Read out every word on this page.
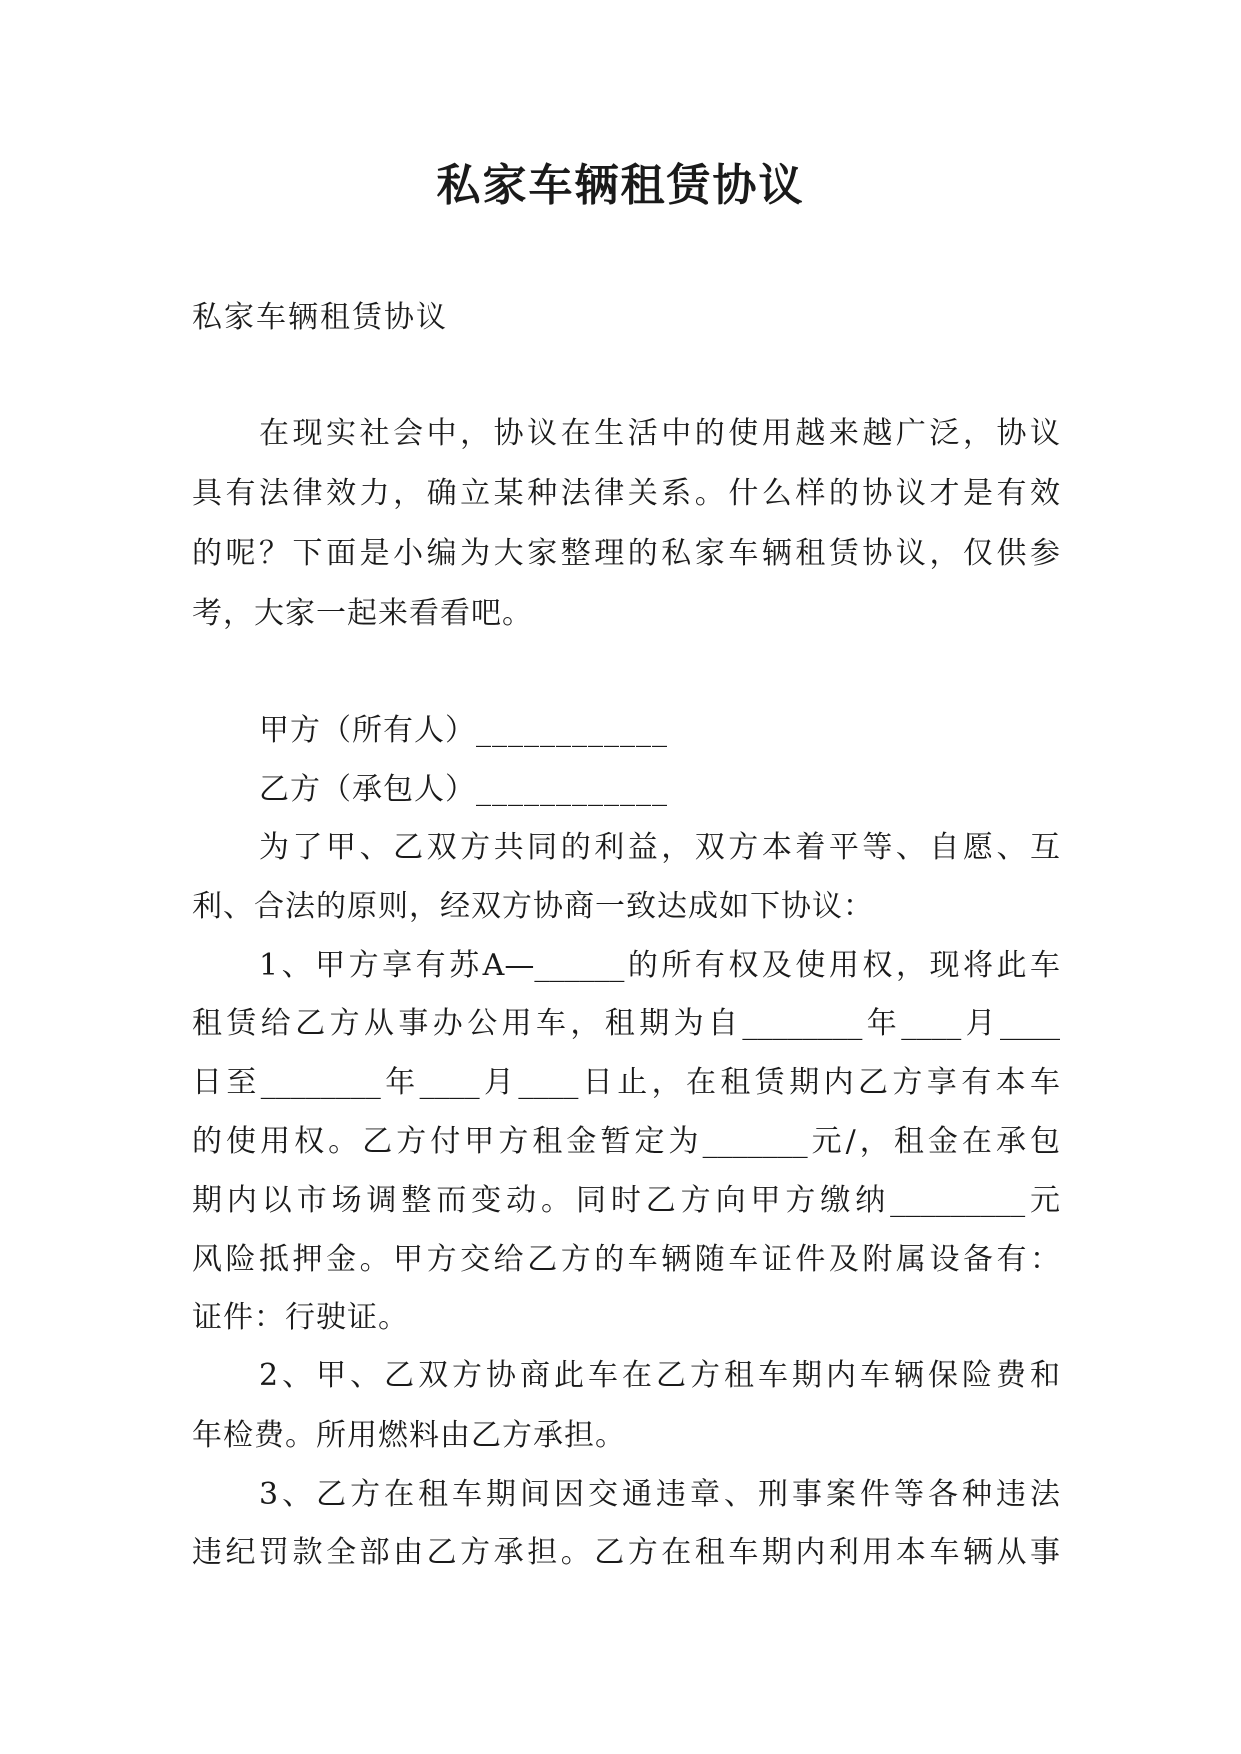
私家车辆租赁协议
私家车辆租赁协议
在现实社会中，协议在生活中的使用越来越广泛，协议
具有法律效力，确立某种法律关系。什么样的协议才是有效
的呢？下面是小编为大家整理的私家车辆租赁协议，仅供参
考，大家一起来看看吧。
甲方（所有人）____________
乙方（承包人）____________
为了甲、乙双方共同的利益，双方本着平等、自愿、互
利、合法的原则，经双方协商一致达成如下协议：
1、甲方享有苏A—______的所有权及使用权，现将此车
租赁给乙方从事办公用车，租期为自________年____月____
日至________年____月____日止，在租赁期内乙方享有本车
的使用权。乙方付甲方租金暂定为_______元/，租金在承包
期内以市场调整而变动。同时乙方向甲方缴纳_________元
风险抵押金。甲方交给乙方的车辆随车证件及附属设备有：
证件：行驶证。
2、甲、乙双方协商此车在乙方租车期内车辆保险费和
年检费。所用燃料由乙方承担。
3、乙方在租车期间因交通违章、刑事案件等各种违法
违纪罚款全部由乙方承担。乙方在租车期内利用本车辆从事
